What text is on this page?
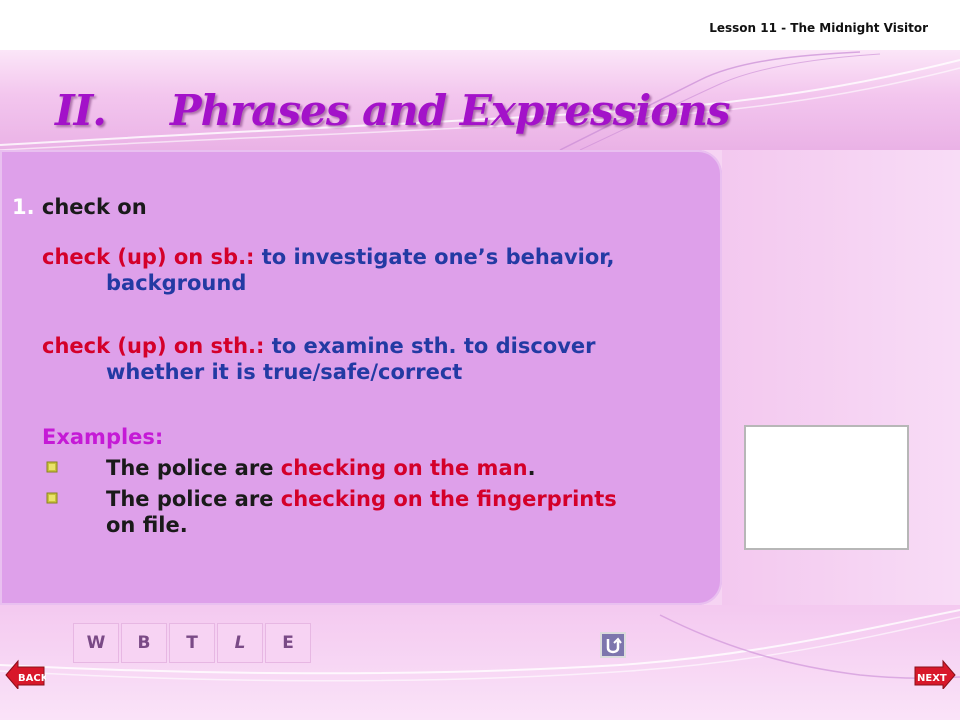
Lesson 11 - The Midnight Visitor
II. Phrases and Expressions
1. check on
check (up) on sb.: to investigate one’s behavior,
background
check (up) on sth.: to examine sth. to discover
whether it is true/safe/correct
Examples:
The police are checking on the man.
The police are checking on the fingerprints
on file.
W	B	T	L	E
BACK	NEXT
